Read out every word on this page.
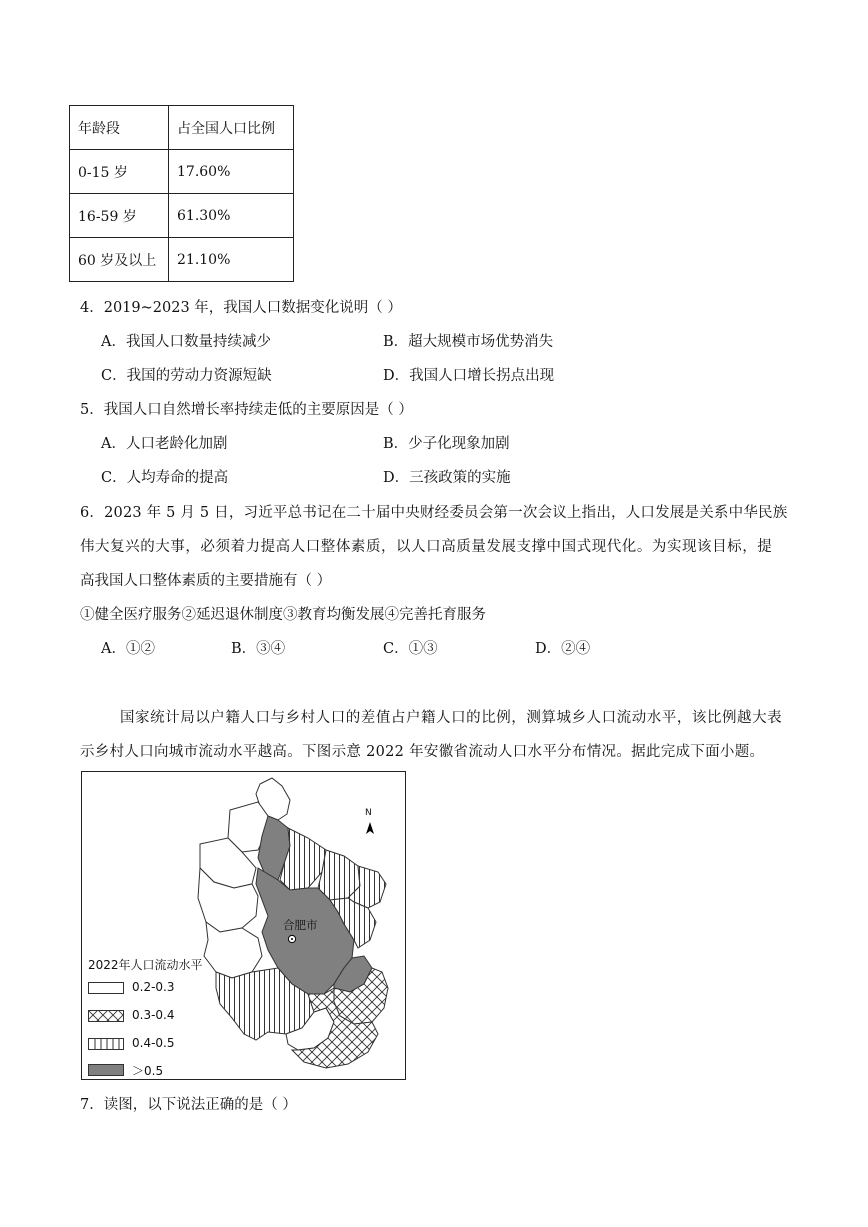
年龄段	占全国人口比例
0-15 岁	17.60%
16-59 岁	61.30%
60 岁及以上	21.10%
4．2019~2023 年，我国人口数据变化说明（ ）
A．我国人口数量持续减少	B．超大规模市场优势消失
C．我国的劳动力资源短缺	D．我国人口增长拐点出现
5．我国人口自然增长率持续走低的主要原因是（ ）
A．人口老龄化加剧	B．少子化现象加剧
C．人均寿命的提高	D．三孩政策的实施
6．2023 年 5 月 5 日，习近平总书记在二十届中央财经委员会第一次会议上指出，人口发展是关系中华民族
伟大复兴的大事，必须着力提高人口整体素质，以人口高质量发展支撑中国式现代化。为实现该目标，提
高我国人口整体素质的主要措施有（ ）
①健全医疗服务②延迟退休制度③教育均衡发展④完善托育服务
A．①②	B．③④	C．①③	D．②④
国家统计局以户籍人口与乡村人口的差值占户籍人口的比例，测算城乡人口流动水平，该比例越大表
示乡村人口向城市流动水平越高。下图示意 2022 年安徽省流动人口水平分布情况。据此完成下面小题。
N
合肥市
2022年人口流动水平
0.2-0.3
0.3-0.4
0.4-0.5
＞0.5
7．读图，以下说法正确的是（ ）
